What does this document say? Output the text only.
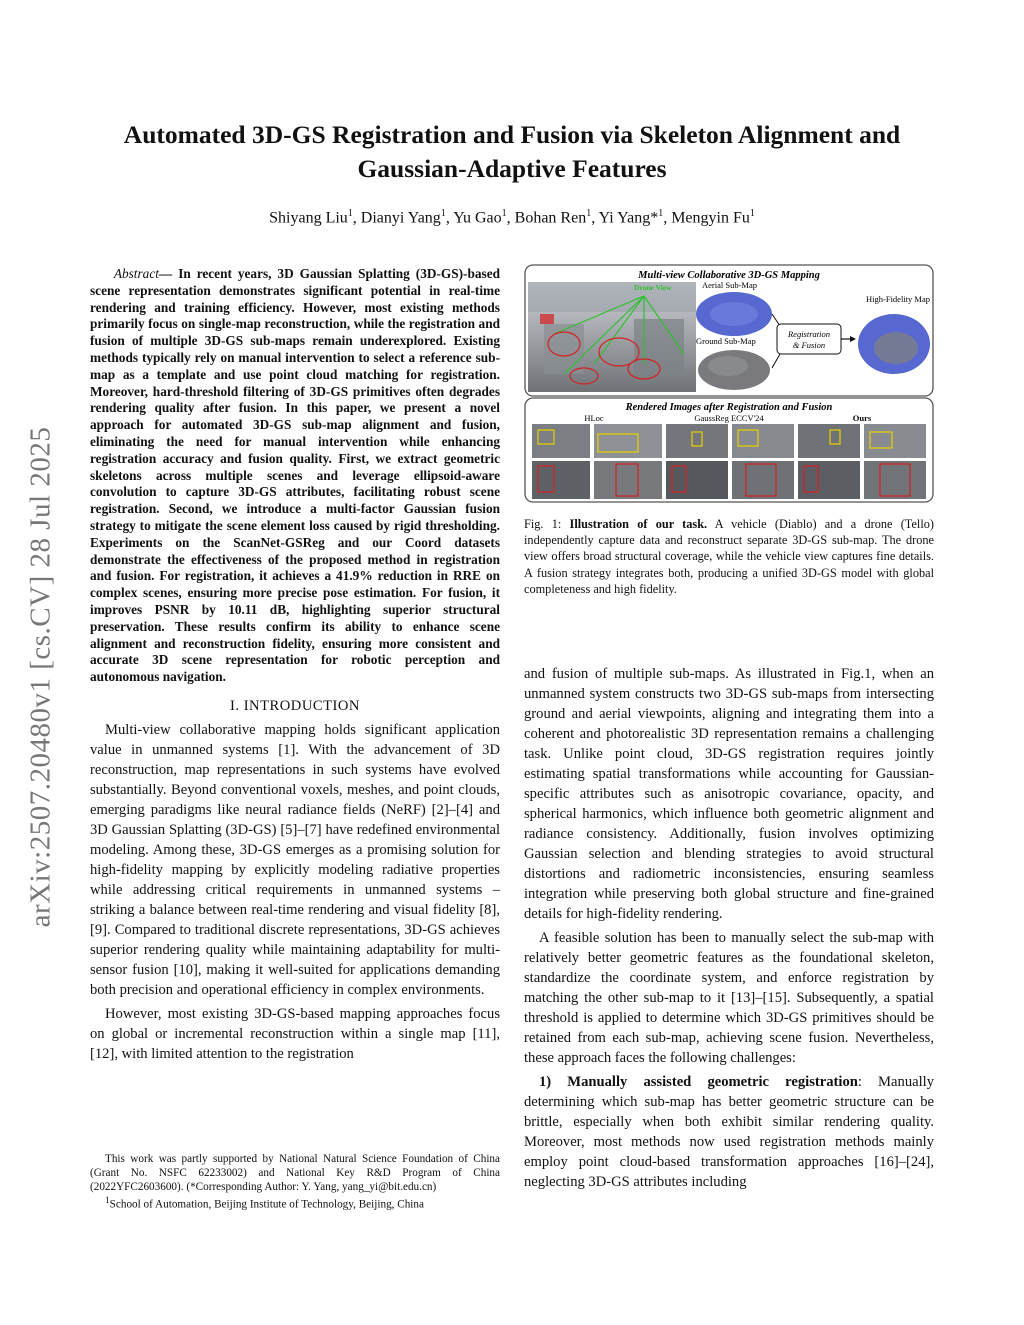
arXiv:2507.20480v1 [cs.CV] 28 Jul 2025
Automated 3D-GS Registration and Fusion via Skeleton Alignment and
Gaussian-Adaptive Features
Shiyang Liu$^1$, Dianyi Yang$^1$, Yu Gao$^1$, Bohan Ren$^1$, Yi Yang*$^1$, Mengyin Fu$^1$

Abstract— In recent years, 3D Gaussian Splatting (3D-GS)-based scene representation demonstrates significant potential in real-time rendering and training efficiency. However, most existing methods primarily focus on single-map reconstruction, while the registration and fusion of multiple 3D-GS sub-maps remain underexplored. Existing methods typically rely on manual intervention to select a reference sub-map as a template and use point cloud matching for registration. Moreover, hard-threshold filtering of 3D-GS primitives often degrades rendering quality after fusion. In this paper, we present a novel approach for automated 3D-GS sub-map alignment and fusion, eliminating the need for manual intervention while enhancing registration accuracy and fusion quality. First, we extract geometric skeletons across multiple scenes and leverage ellipsoid-aware convolution to capture 3D-GS attributes, facilitating robust scene registration. Second, we introduce a multi-factor Gaussian fusion strategy to mitigate the scene element loss caused by rigid thresholding. Experiments on the ScanNet-GSReg and our Coord datasets demonstrate the effectiveness of the proposed method in registration and fusion. For registration, it achieves a 41.9% reduction in RRE on complex scenes, ensuring more precise pose estimation. For fusion, it improves PSNR by 10.11 dB, highlighting superior structural preservation. These results confirm its ability to enhance scene alignment and reconstruction fidelity, ensuring more consistent and accurate 3D scene representation for robotic perception and autonomous navigation.

I. INTRODUCTION

Multi-view collaborative mapping holds significant application value in unmanned systems [1]. With the advancement of 3D reconstruction, map representations in such systems have evolved substantially. Beyond conventional voxels, meshes, and point clouds, emerging paradigms like neural radiance fields (NeRF) [2]–[4] and 3D Gaussian Splatting (3D-GS) [5]–[7] have redefined environmental modeling. Among these, 3D-GS emerges as a promising solution for high-fidelity mapping by explicitly modeling radiative properties while addressing critical requirements in unmanned systems – striking a balance between real-time rendering and visual fidelity [8], [9]. Compared to traditional discrete representations, 3D-GS achieves superior rendering quality while maintaining adaptability for multi-sensor fusion [10], making it well-suited for applications demanding both precision and operational efficiency in complex environments.

However, most existing 3D-GS-based mapping approaches focus on global or incremental reconstruction within a single map [11], [12], with limited attention to the registration

This work was partly supported by National Natural Science Foundation of China (Grant No. NSFC 62233002) and National Key R&D Program of China (2022YFC2603600). (*Corresponding Author: Y. Yang, yang_yi@bit.edu.cn)

$^1$School of Automation, Beijing Institute of Technology, Beijing, China

Multi-view Collaborative 3D-GS Mapping
Drone View	Aerial Sub-Map
Ground Sub-Map
Registration
& Fusion
High-Fidelity Map
Rendered Images after Registration and Fusion
HLoc	GaussReg ECCV'24	Ours
Fig. 1: Illustration of our task. A vehicle (Diablo) and a drone (Tello) independently capture data and reconstruct separate 3D-GS sub-map. The drone view offers broad structural coverage, while the vehicle view captures fine details. A fusion strategy integrates both, producing a unified 3D-GS model with global completeness and high fidelity.

and fusion of multiple sub-maps. As illustrated in Fig.1, when an unmanned system constructs two 3D-GS sub-maps from intersecting ground and aerial viewpoints, aligning and integrating them into a coherent and photorealistic 3D representation remains a challenging task. Unlike point cloud, 3D-GS registration requires jointly estimating spatial transformations while accounting for Gaussian-specific attributes such as anisotropic covariance, opacity, and spherical harmonics, which influence both geometric alignment and radiance consistency. Additionally, fusion involves optimizing Gaussian selection and blending strategies to avoid structural distortions and radiometric inconsistencies, ensuring seamless integration while preserving both global structure and fine-grained details for high-fidelity rendering.

A feasible solution has been to manually select the sub-map with relatively better geometric features as the foundational skeleton, standardize the coordinate system, and enforce registration by matching the other sub-map to it [13]–[15]. Subsequently, a spatial threshold is applied to determine which 3D-GS primitives should be retained from each sub-map, achieving scene fusion. Nevertheless, these approach faces the following challenges:

1) Manually assisted geometric registration: Manually determining which sub-map has better geometric structure can be brittle, especially when both exhibit similar rendering quality. Moreover, most methods now used registration methods mainly employ point cloud-based transformation approaches [16]–[24], neglecting 3D-GS attributes including
